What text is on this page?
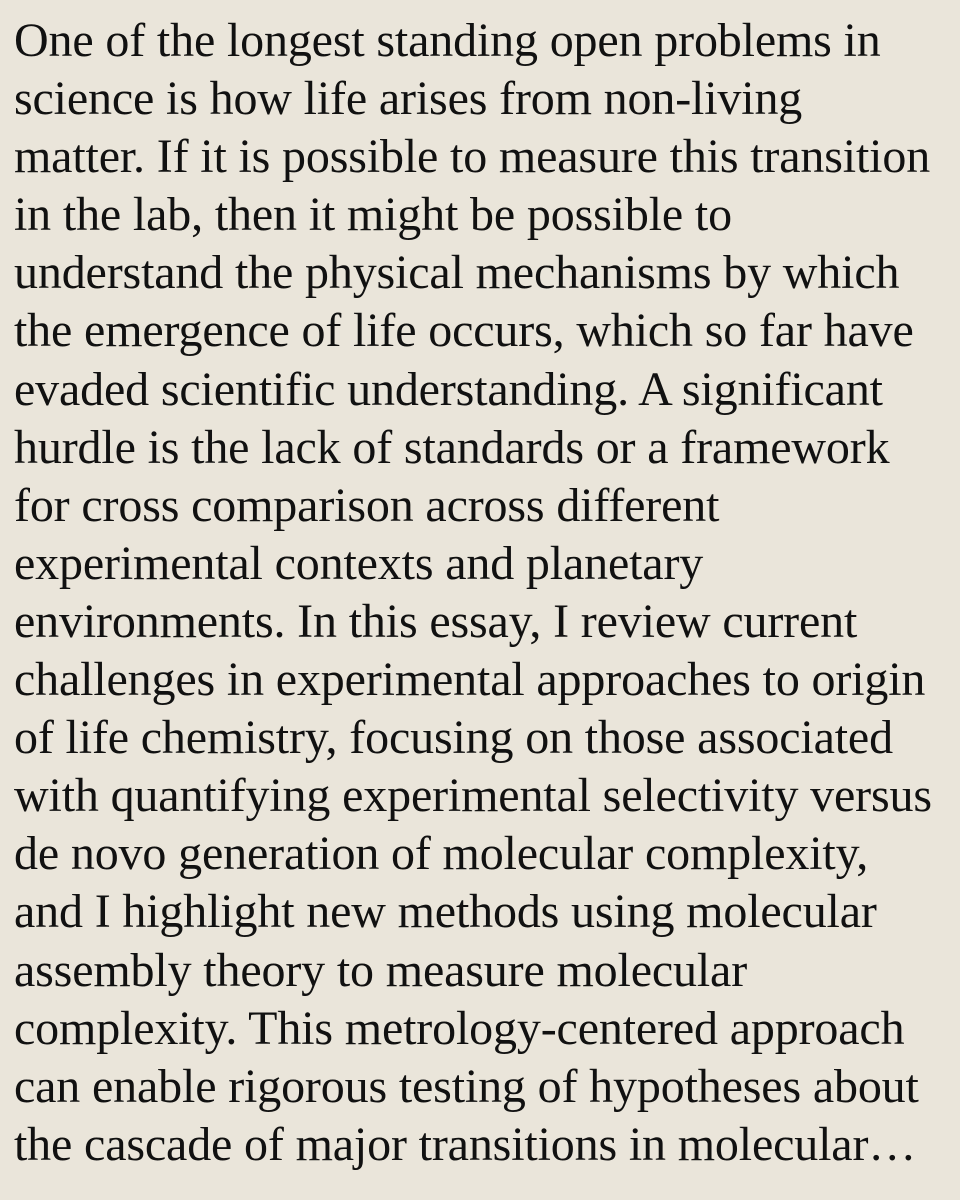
One of the longest standing open problems in
science is how life arises from non-living
matter. If it is possible to measure this transition
in the lab, then it might be possible to
understand the physical mechanisms by which
the emergence of life occurs, which so far have
evaded scientific understanding. A significant
hurdle is the lack of standards or a framework
for cross comparison across different
experimental contexts and planetary
environments. In this essay, I review current
challenges in experimental approaches to origin
of life chemistry, focusing on those associated
with quantifying experimental selectivity versus
de novo generation of molecular complexity,
and I highlight new methods using molecular
assembly theory to measure molecular
complexity. This metrology-centered approach
can enable rigorous testing of hypotheses about
the cascade of major transitions in molecular…
